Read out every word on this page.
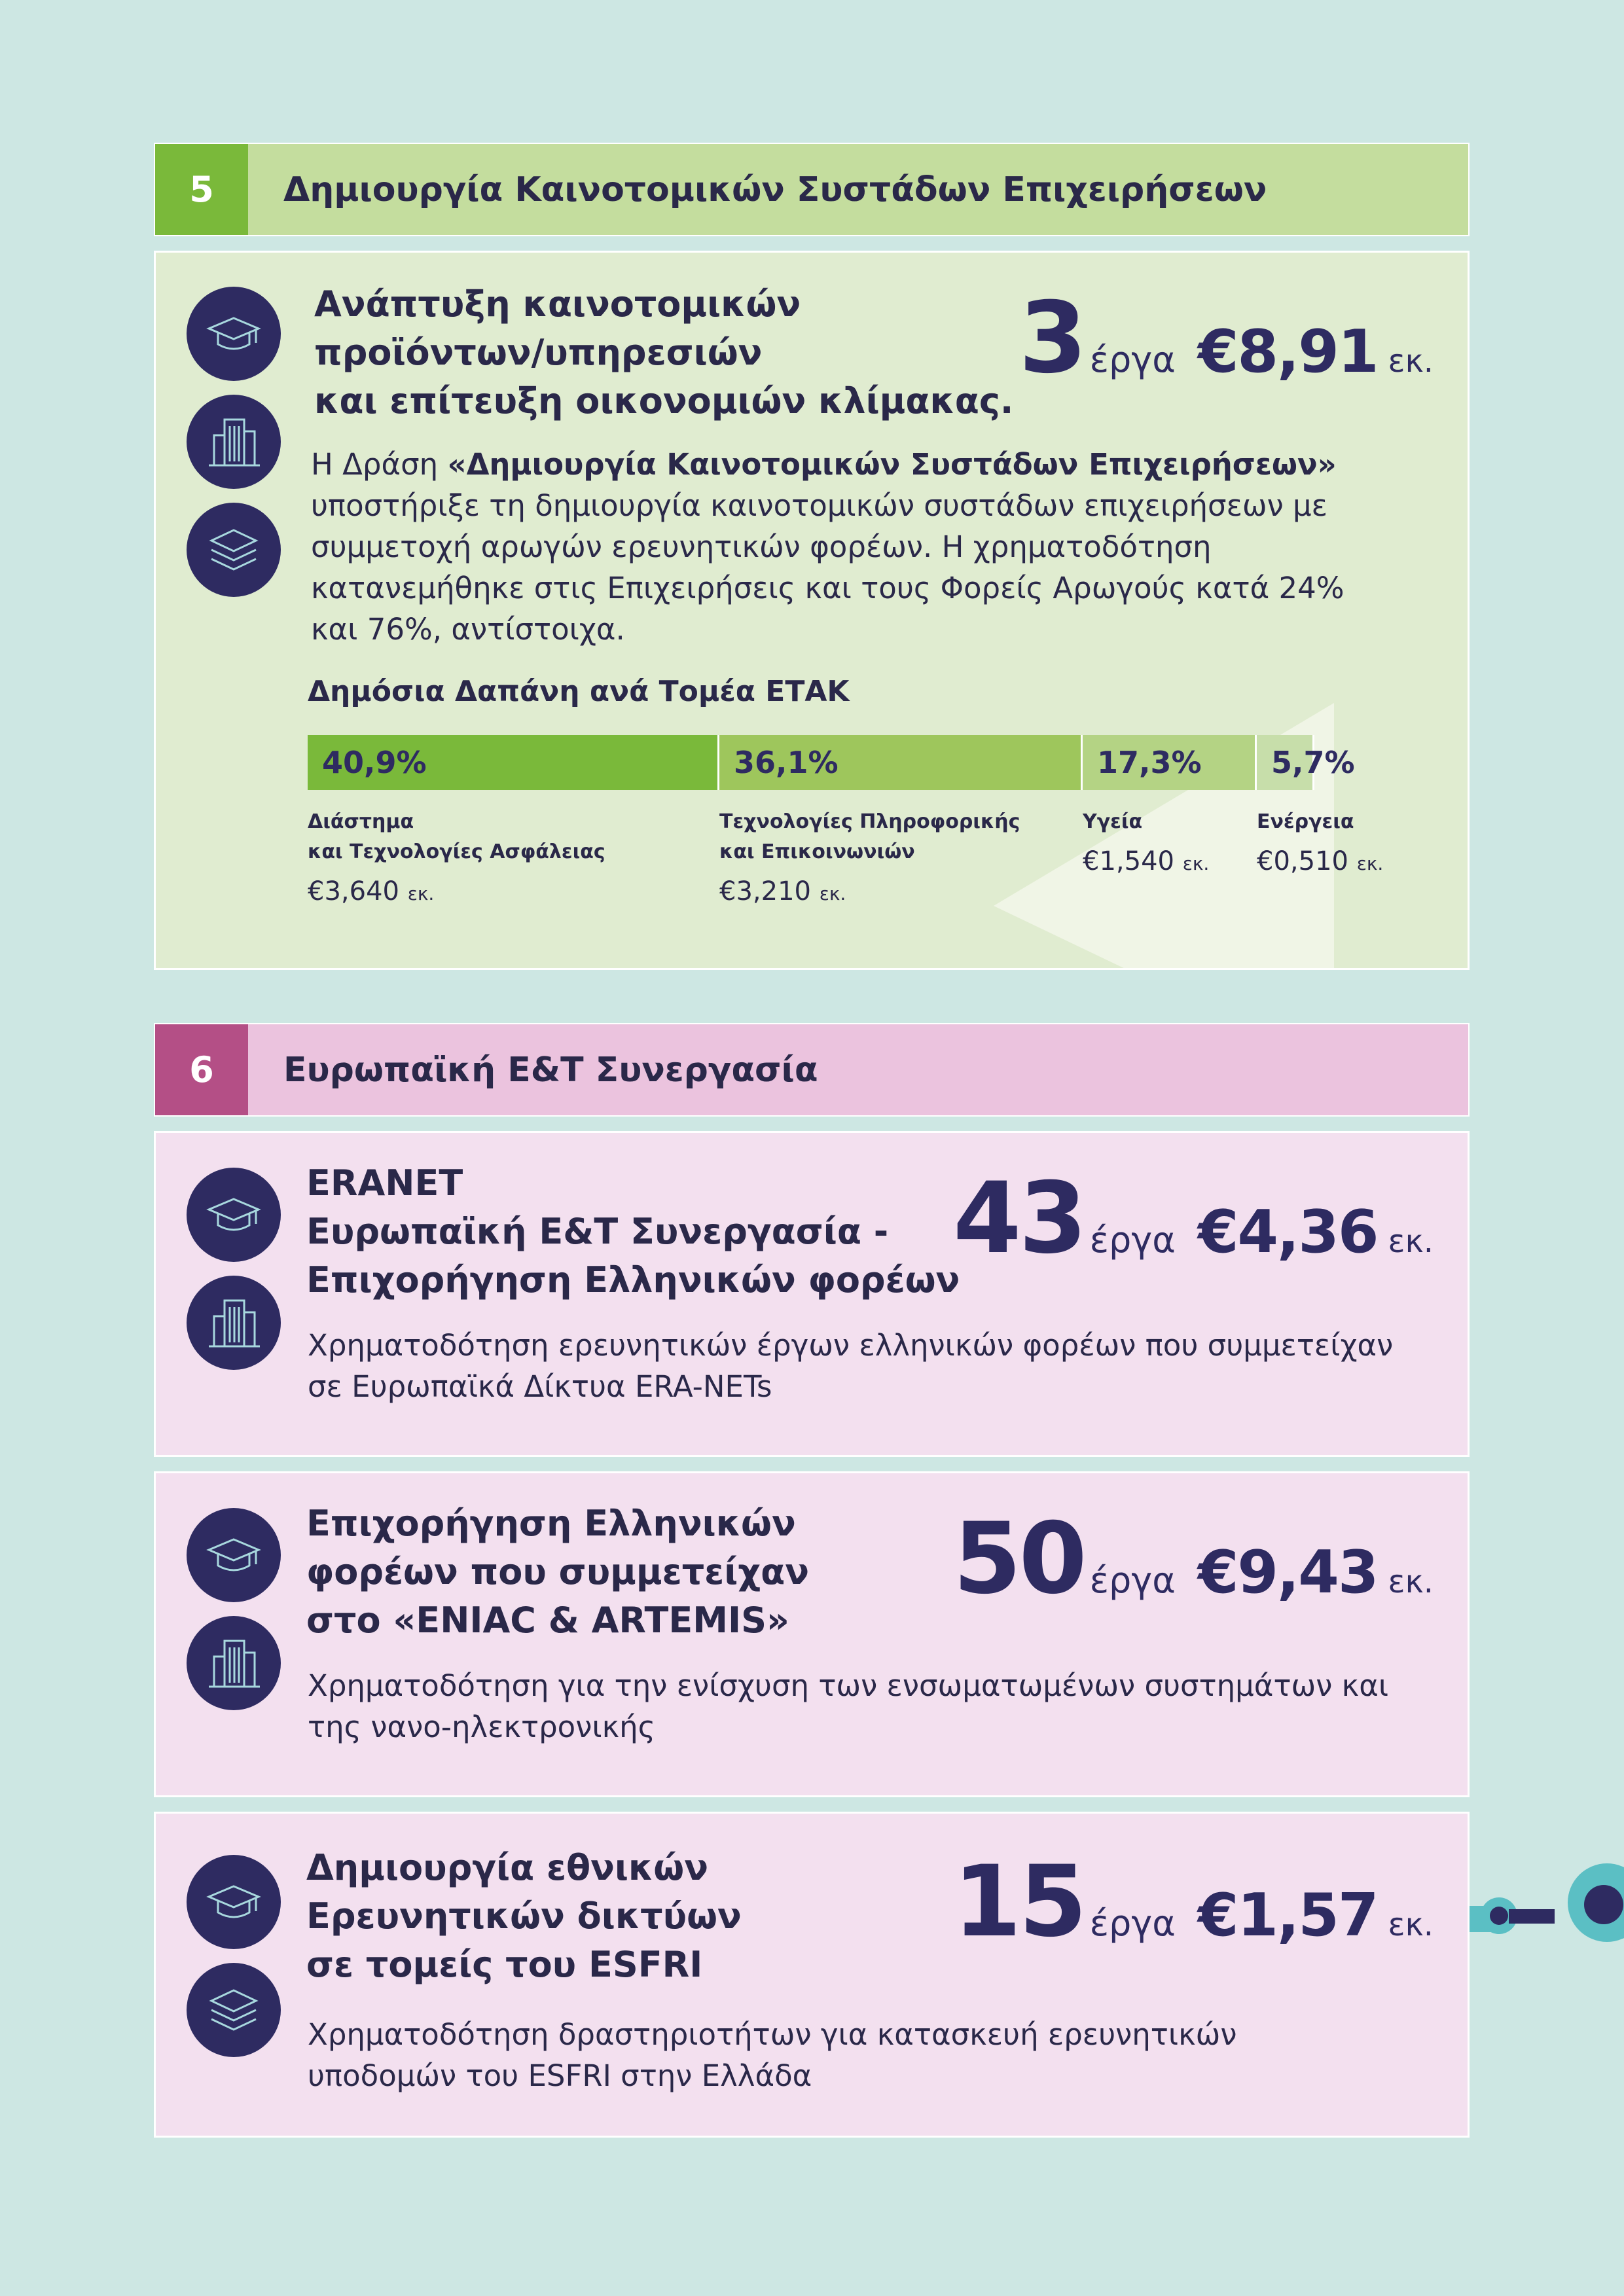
5	Δημιουργία Καινοτομικών Συστάδων Επιχειρήσεων
Ανάπτυξη καινοτομικών
προϊόντων/υπηρεσιών
και επίτευξη οικονομιών κλίμακας.
3 έργα €8,91 εκ.
Η Δράση «Δημιουργία Καινοτομικών Συστάδων Επιχειρήσεων» υποστήριξε τη δημιουργία καινοτομικών συστάδων επιχειρήσεων με συμμετοχή αρωγών ερευνητικών φορέων. Η χρηματοδότηση κατανεμήθηκε στις Επιχειρήσεις και τους Φορείς Αρωγούς κατά 24% και 76%, αντίστοιχα.
Δημόσια Δαπάνη ανά Τομέα ΕΤΑΚ
40,9%	36,1%	17,3%	5,7%
Διάστημα
και Τεχνολογίες Ασφάλειας
€3,640 εκ.
Τεχνολογίες Πληροφορικής
και Επικοινωνιών
€3,210 εκ.
Υγεία
€1,540 εκ.
Ενέργεια
€0,510 εκ.
6	Ευρωπαϊκή Ε&Τ Συνεργασία
ERANET
Ευρωπαϊκή Ε&Τ Συνεργασία -
Επιχορήγηση Ελληνικών φορέων
43 έργα €4,36 εκ.
Χρηματοδότηση ερευνητικών έργων ελληνικών φορέων που συμμετείχαν σε Ευρωπαϊκά Δίκτυα ERA-NETs
Επιχορήγηση Ελληνικών
φορέων που συμμετείχαν
στο «ENIAC & ARTEMIS»
50 έργα €9,43 εκ.
Χρηματοδότηση για την ενίσχυση των ενσωματωμένων συστημάτων και της νανο-ηλεκτρονικής
Δημιουργία εθνικών
Ερευνητικών δικτύων
σε τομείς του ESFRI
15 έργα €1,57 εκ.
Χρηματοδότηση δραστηριοτήτων για κατασκευή ερευνητικών υποδομών του ESFRI στην Ελλάδα
